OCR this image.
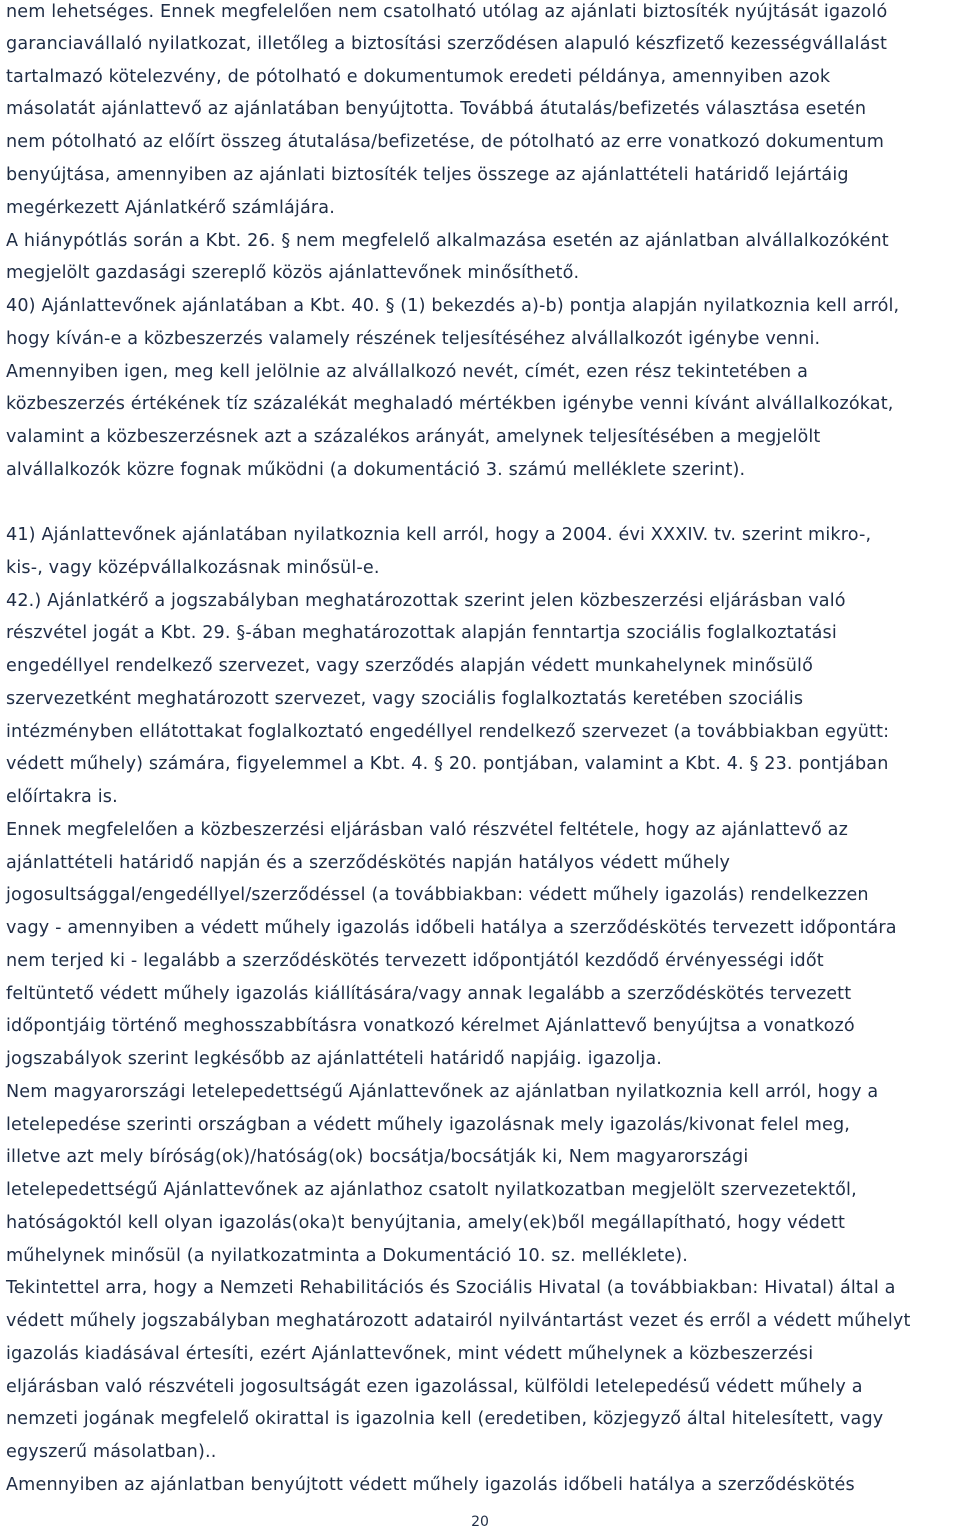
nem lehetséges. Ennek megfelelően nem csatolható utólag az ajánlati biztosíték nyújtását igazoló
garanciavállaló nyilatkozat, illetőleg a biztosítási szerződésen alapuló készfizető kezességvállalást
tartalmazó kötelezvény, de pótolható e dokumentumok eredeti példánya, amennyiben azok
másolatát ajánlattevő az ajánlatában benyújtotta. Továbbá átutalás/befizetés választása esetén
nem pótolható az előírt összeg átutalása/befizetése, de pótolható az erre vonatkozó dokumentum
benyújtása, amennyiben az ajánlati biztosíték teljes összege az ajánlattételi határidő lejártáig
megérkezett Ajánlatkérő számlájára.
A hiánypótlás során a Kbt. 26. § nem megfelelő alkalmazása esetén az ajánlatban alvállalkozóként
megjelölt gazdasági szereplő közös ajánlattevőnek minősíthető.
40) Ajánlattevőnek ajánlatában a Kbt. 40. § (1) bekezdés a)-b) pontja alapján nyilatkoznia kell arról,
hogy kíván-e a közbeszerzés valamely részének teljesítéséhez alvállalkozót igénybe venni.
Amennyiben igen, meg kell jelölnie az alvállalkozó nevét, címét, ezen rész tekintetében a
közbeszerzés értékének tíz százalékát meghaladó mértékben igénybe venni kívánt alvállalkozókat,
valamint a közbeszerzésnek azt a százalékos arányát, amelynek teljesítésében a megjelölt
alvállalkozók közre fognak működni (a dokumentáció 3. számú melléklete szerint).
41) Ajánlattevőnek ajánlatában nyilatkoznia kell arról, hogy a 2004. évi XXXIV. tv. szerint mikro-,
kis-, vagy középvállalkozásnak minősül-e.
42.) Ajánlatkérő a jogszabályban meghatározottak szerint jelen közbeszerzési eljárásban való
részvétel jogát a Kbt. 29. §-ában meghatározottak alapján fenntartja szociális foglalkoztatási
engedéllyel rendelkező szervezet, vagy szerződés alapján védett munkahelynek minősülő
szervezetként meghatározott szervezet, vagy szociális foglalkoztatás keretében szociális
intézményben ellátottakat foglalkoztató engedéllyel rendelkező szervezet (a továbbiakban együtt:
védett műhely) számára, figyelemmel a Kbt. 4. § 20. pontjában, valamint a Kbt. 4. § 23. pontjában
előírtakra is.
Ennek megfelelően a közbeszerzési eljárásban való részvétel feltétele, hogy az ajánlattevő az
ajánlattételi határidő napján és a szerződéskötés napján hatályos védett műhely
jogosultsággal/engedéllyel/szerződéssel (a továbbiakban: védett műhely igazolás) rendelkezzen
vagy - amennyiben a védett műhely igazolás időbeli hatálya a szerződéskötés tervezett időpontára
nem terjed ki - legalább a szerződéskötés tervezett időpontjától kezdődő érvényességi időt
feltüntető védett műhely igazolás kiállítására/vagy annak legalább a szerződéskötés tervezett
időpontjáig történő meghosszabbításra vonatkozó kérelmet Ajánlattevő benyújtsa a vonatkozó
jogszabályok szerint legkésőbb az ajánlattételi határidő napjáig. igazolja.
Nem magyarországi letelepedettségű Ajánlattevőnek az ajánlatban nyilatkoznia kell arról, hogy a
letelepedése szerinti országban a védett műhely igazolásnak mely igazolás/kivonat felel meg,
illetve azt mely bíróság(ok)/hatóság(ok) bocsátja/bocsátják ki, Nem magyarországi
letelepedettségű Ajánlattevőnek az ajánlathoz csatolt nyilatkozatban megjelölt szervezetektől,
hatóságoktól kell olyan igazolás(oka)t benyújtania, amely(ek)ből megállapítható, hogy védett
műhelynek minősül (a nyilatkozatminta a Dokumentáció 10. sz. melléklete).
Tekintettel arra, hogy a Nemzeti Rehabilitációs és Szociális Hivatal (a továbbiakban: Hivatal) által a
védett műhely jogszabályban meghatározott adatairól nyilvántartást vezet és erről a védett műhelyt
igazolás kiadásával értesíti, ezért Ajánlattevőnek, mint védett műhelynek a közbeszerzési
eljárásban való részvételi jogosultságát ezen igazolással, külföldi letelepedésű védett műhely a
nemzeti jogának megfelelő okirattal is igazolnia kell (eredetiben, közjegyző által hitelesített, vagy
egyszerű másolatban)..
Amennyiben az ajánlatban benyújtott védett műhely igazolás időbeli hatálya a szerződéskötés
20
